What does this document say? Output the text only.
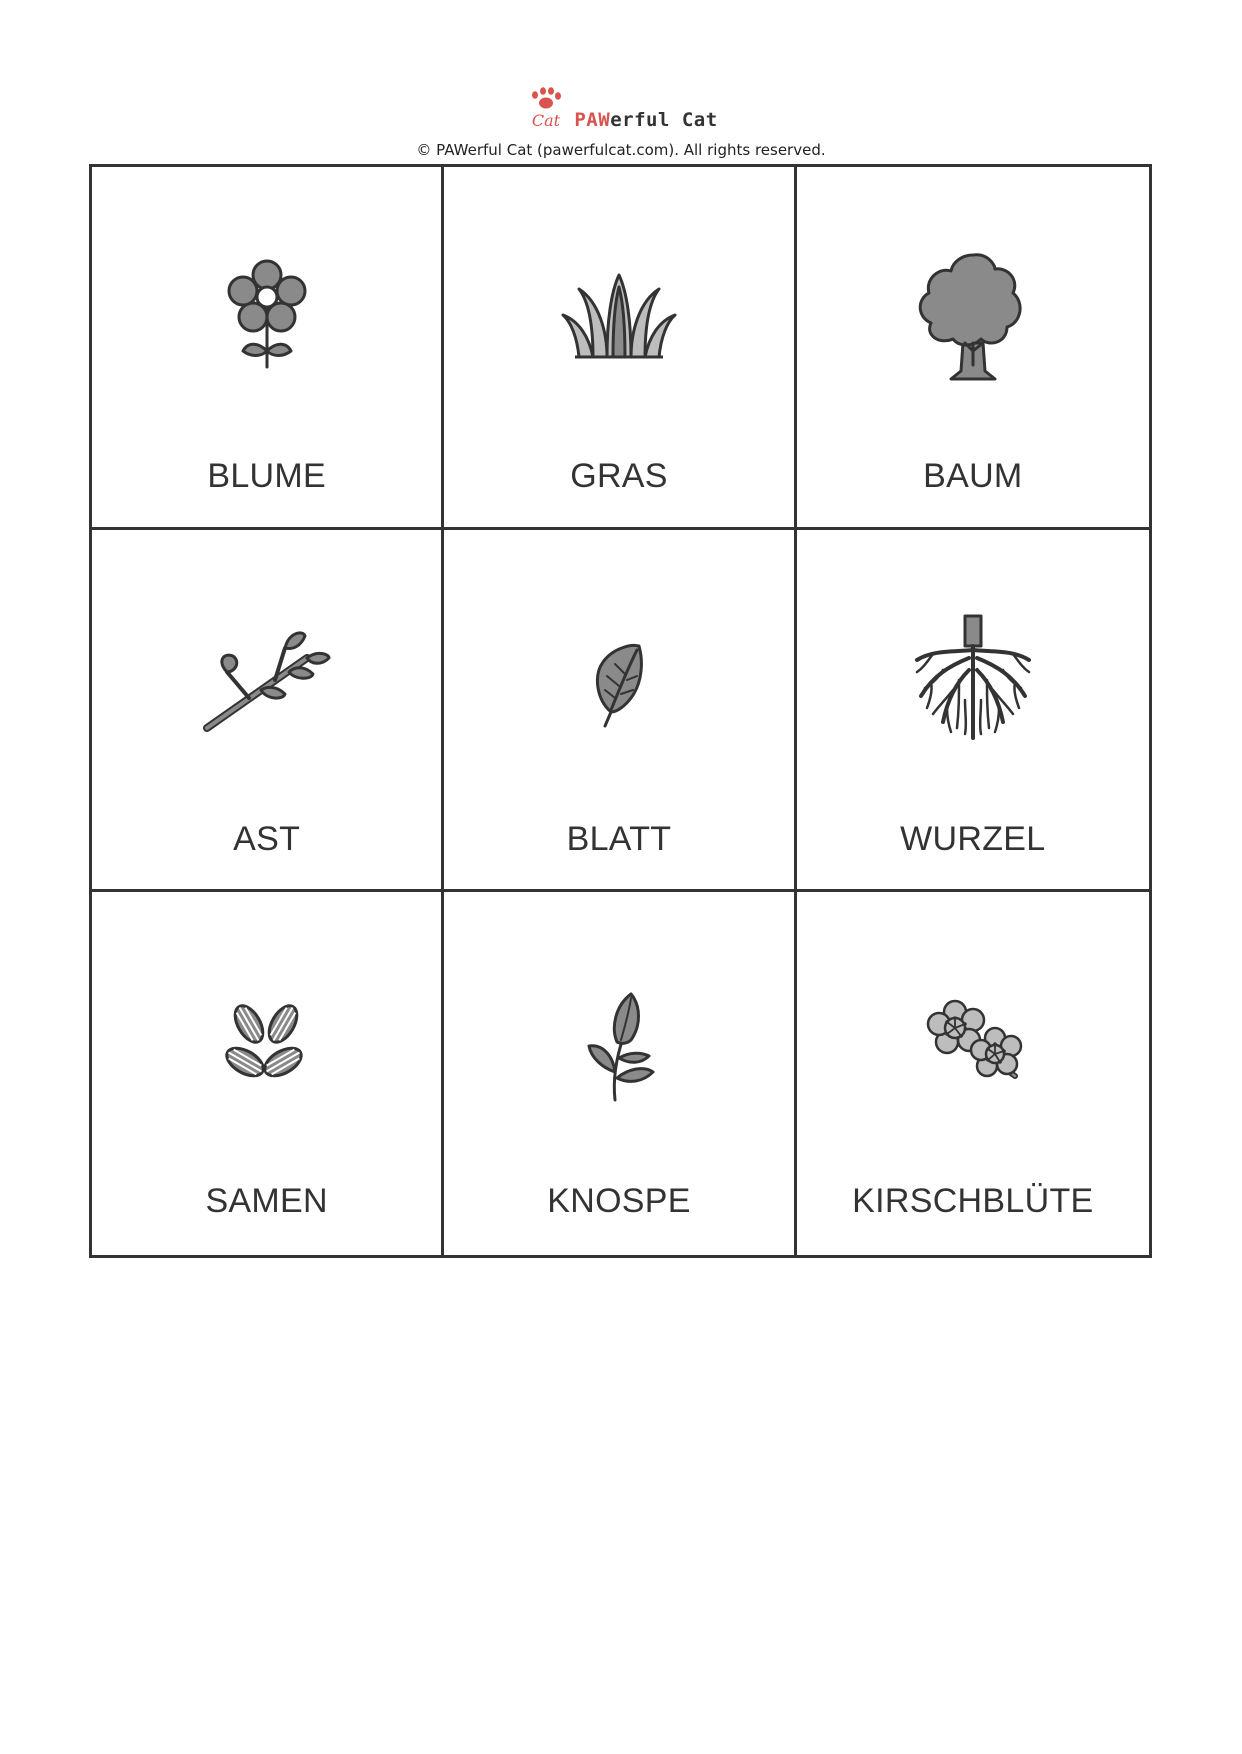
Cat PAWerful Cat
© PAWerful Cat (pawerfulcat.com). All rights reserved.
BLUME	GRAS	BAUM
AST	BLATT	WURZEL
SAMEN	KNOSPE	KIRSCHBLÜTE
